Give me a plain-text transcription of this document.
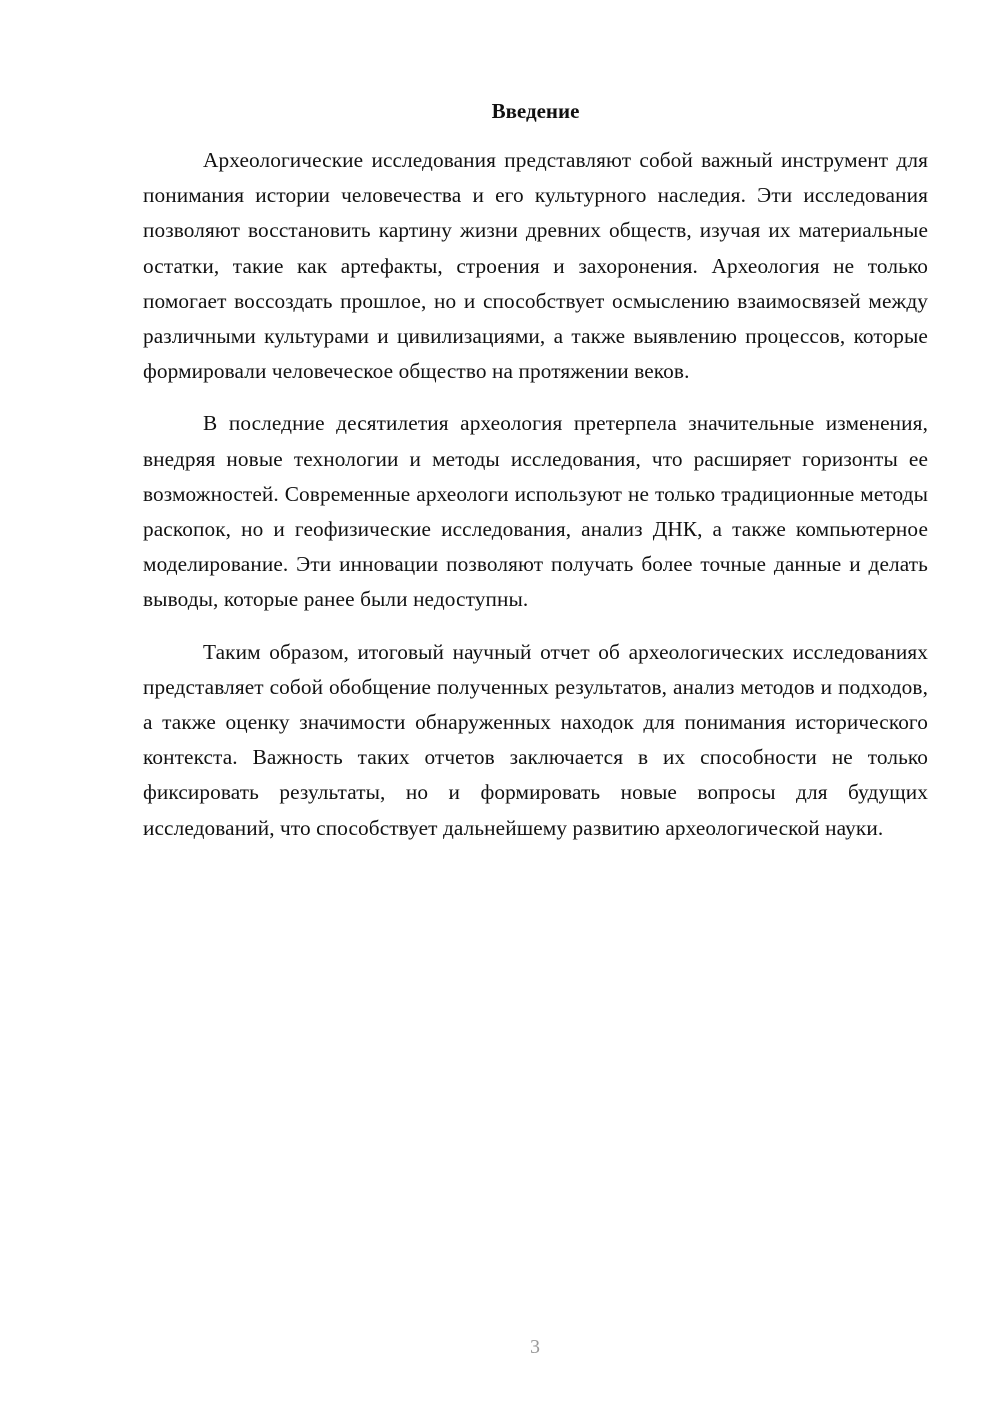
Введение

Археологические исследования представляют собой важный инструмент для понимания истории человечества и его культурного наследия. Эти исследования позволяют восстановить картину жизни древних обществ, изучая их материальные остатки, такие как артефакты, строения и захоронения. Археология не только помогает воссоздать прошлое, но и способствует осмыслению взаимосвязей между различными культурами и цивилизациями, а также выявлению процессов, которые формировали человеческое общество на протяжении веков.

В последние десятилетия археология претерпела значительные изменения, внедряя новые технологии и методы исследования, что расширяет горизонты ее возможностей. Современные археологи используют не только традиционные методы раскопок, но и геофизические исследования, анализ ДНК, а также компьютерное моделирование. Эти инновации позволяют получать более точные данные и делать выводы, которые ранее были недоступны.

Таким образом, итоговый научный отчет об археологических исследованиях представляет собой обобщение полученных результатов, анализ методов и подходов, а также оценку значимости обнаруженных находок для понимания исторического контекста. Важность таких отчетов заключается в их способности не только фиксировать результаты, но и формировать новые вопросы для будущих исследований, что способствует дальнейшему развитию археологической науки.

3
